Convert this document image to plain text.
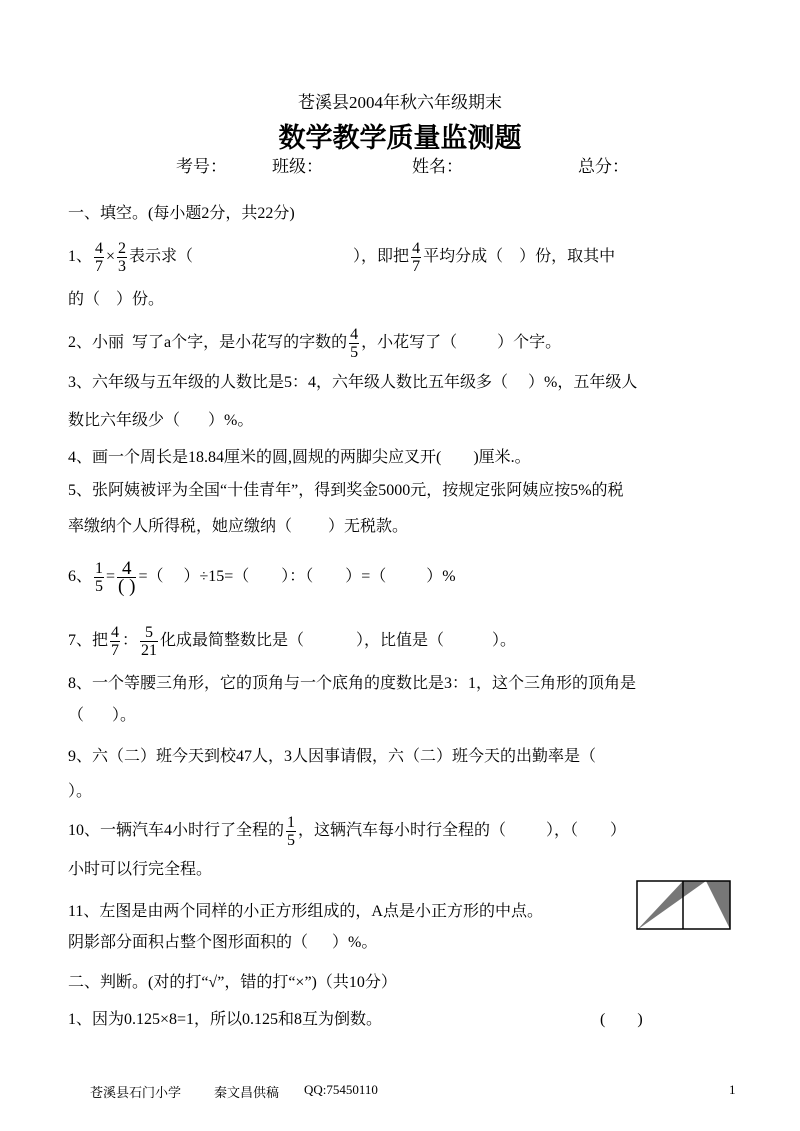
苍溪县2004年秋六年级期末
数学教学质量监测题
考号：	班级：	姓名：	总分：
一、填空。(每小题2分，共22分)
1、 $\frac{4}{7} \times \frac{2}{3}$ 表示求（                                        ），即把 $\frac{4}{7}$ 平均分成（    ）份，取其中
的（    ）份。
2、小丽  写了a个字，是小花写的字数的 $\frac{4}{5}$ ，小花写了（          ）个字。
3、六年级与五年级的人数比是5：4，六年级人数比五年级多（     ）%，五年级人
数比六年级少（       ）%。
4、画一个周长是18.84厘米的圆,圆规的两脚尖应叉开(        )厘米.。
5、张阿姨被评为全国“十佳青年”，得到奖金5000元，按规定张阿姨应按5%的税
率缴纳个人所得税，她应缴纳（         ）无税款。
6、 $\frac{1}{5} = \frac{4}{( )}$ =（     ）÷15=（        ）：（        ）=（          ）%
7、把 $\frac{4}{7}$ ： $\frac{5}{21}$ 化成最简整数比是（             ），比值是（            ）。
8、一个等腰三角形，它的顶角与一个底角的度数比是3：1，这个三角形的顶角是
（       ）。
9、六（二）班今天到校47人，3人因事请假，六（二）班今天的出勤率是（
）。
10、一辆汽车4小时行了全程的 $\frac{1}{5}$ ，这辆汽车每小时行全程的（          ），（        ）
小时可以行完全程。
11、左图是由两个同样的小正方形组成的，A点是小正方形的中点。
阴影部分面积占整个图形面积的（      ）%。
二、判断。(对的打“√”，错的打“×”)（共10分）
1、因为0.125×8=1，所以0.125和8互为倒数。	(        )
苍溪县石门小学	秦文昌供稿 QQ:75450110	1
